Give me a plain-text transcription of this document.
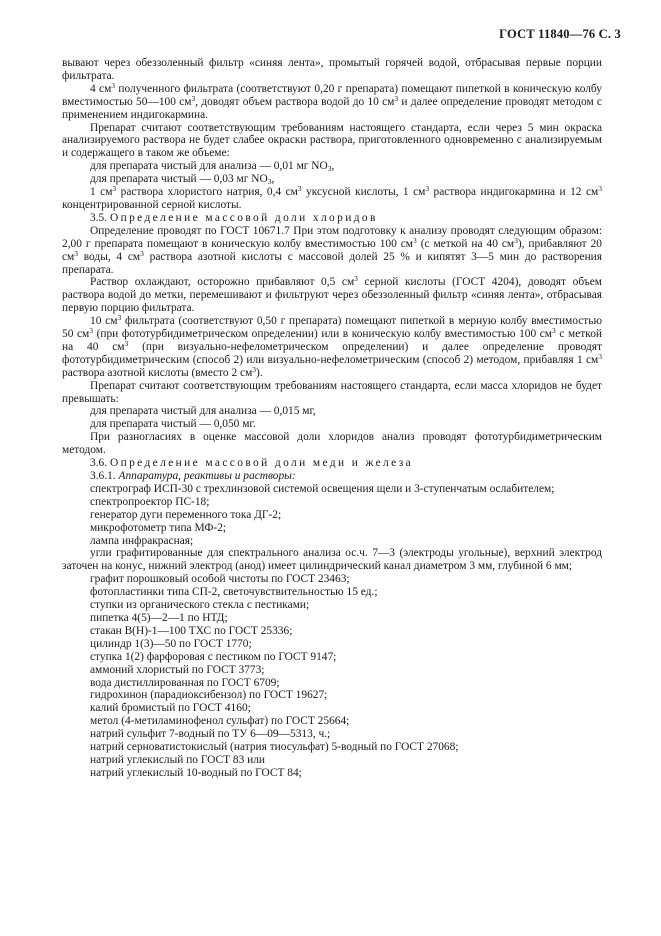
ГОСТ 11840—76 С. 3

вывают через обеззоленный фильтр «синяя лента», промытый горячей водой, отбрасывая первые порции фильтрата.

4 $см^3$ полученного фильтрата (соответствуют 0,20 г препарата) помещают пипеткой в коническую колбу вместимостью 50—100 $см^3$, доводят объем раствора водой до 10 $см^3$ и далее определение проводят методом с применением индигокармина.

Препарат считают соответствующим требованиям настоящего стандарта, если через 5 мин окраска анализируемого раствора не будет слабее окраски раствора, приготовленного одновременно с анализируемым и содержащего в таком же объеме:

для препарата чистый для анализа — 0,01 мг $NO_3$,

для препарата чистый — 0,03 мг $NO_3$,

1 $см^3$ раствора хлористого натрия, 0,4 $см^3$ уксусной кислоты, 1 $см^3$ раствора индигокармина и 12 $см^3$ концентрированной серной кислоты.

3.5. Определение массовой доли хлоридов

Определение проводят по ГОСТ 10671.7 При этом подготовку к анализу проводят следующим образом: 2,00 г препарата помещают в коническую колбу вместимостью 100 $см^3$ (с меткой на 40 $см^3$), прибавляют 20 $см^3$ воды, 4 $см^3$ раствора азотной кислоты с массовой долей 25 % и кипятят 3—5 мин до растворения препарата.

Раствор охлаждают, осторожно прибавляют 0,5 $см^3$ серной кислоты (ГОСТ 4204), доводят объем раствора водой до метки, перемешивают и фильтруют через обеззоленный фильтр «синяя лента», отбрасывая первую порцию фильтрата.

10 $см^3$ фильтрата (соответствуют 0,50 г препарата) помещают пипеткой в мерную колбу вместимостью 50 $см^3$ (при фототурбидиметрическом определении) или в коническую колбу вместимостью 100 $см^3$ с меткой на 40 $см^3$ (при визуально-нефелометрическом определении) и далее определение проводят фототурбидиметрическим (способ 2) или визуально-нефелометрическим (способ 2) методом, прибавляя 1 $см^3$ раствора азотной кислоты (вместо 2 $см^3$).

Препарат считают соответствующим требованиям настоящего стандарта, если масса хлоридов не будет превышать:

для препарата чистый для анализа — 0,015 мг,

для препарата чистый — 0,050 мг.

При разногласиях в оценке массовой доли хлоридов анализ проводят фототурбидиметрическим методом.

3.6. Определение массовой доли меди и железа

3.6.1. Аппаратура, реактивы и растворы:

спектрограф ИСП-30 с трехлинзовой системой освещения щели и 3-ступенчатым ослабителем;

спектропроектор ПС-18;

генератор дуги переменного тока ДГ-2;

микрофотометр типа МФ-2;

лампа инфракрасная;

угли графитированные для спектрального анализа ос.ч. 7—3 (электроды угольные), верхний электрод заточен на конус, нижний электрод (анод) имеет цилиндрический канал диаметром 3 мм, глубиной 6 мм;

графит порошковый особой чистоты по ГОСТ 23463;

фотопластинки типа СП-2, светочувствительностью 15 ед.;

ступки из органического стекла с пестиками;

пипетка 4(5)—2—1 по НТД;

стакан В(Н)-1—100 ТХС по ГОСТ 25336;

цилиндр 1(3)—50 по ГОСТ 1770;

ступка 1(2) фарфоровая с пестиком по ГОСТ 9147;

аммоний хлористый по ГОСТ 3773;

вода дистиллированная по ГОСТ 6709;

гидрохинон (парадиоксибензол) по ГОСТ 19627;

калий бромистый по ГОСТ 4160;

метол (4-метиламинофенол сульфат) по ГОСТ 25664;

натрий сульфит 7-водный по ТУ 6—09—5313, ч.;

натрий серноватистокислый (натрия тиосульфат) 5-водный по ГОСТ 27068;

натрий углекислый по ГОСТ 83 или

натрий углекислый 10-водный по ГОСТ 84;
